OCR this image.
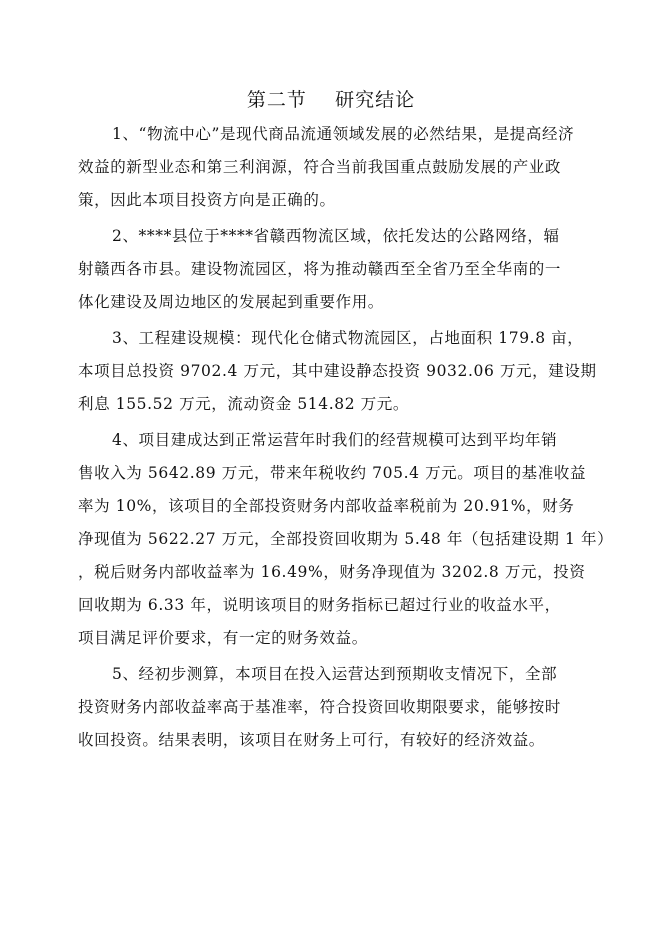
第二节    研究结论
1、“物流中心”是现代商品流通领域发展的必然结果，是提高经济
效益的新型业态和第三利润源，符合当前我国重点鼓励发展的产业政
策，因此本项目投资方向是正确的。
2、****县位于****省赣西物流区域，依托发达的公路网络，辐
射赣西各市县。建设物流园区，将为推动赣西至全省乃至全华南的一
体化建设及周边地区的发展起到重要作用。
3、工程建设规模：现代化仓储式物流园区，占地面积 179.8 亩，
本项目总投资 9702.4 万元，其中建设静态投资 9032.06 万元，建设期
利息 155.52 万元，流动资金 514.82 万元。
4、项目建成达到正常运营年时我们的经营规模可达到平均年销
售收入为 5642.89 万元，带来年税收约 705.4 万元。项目的基准收益
率为 10%，该项目的全部投资财务内部收益率税前为 20.91%，财务
净现值为 5622.27 万元，全部投资回收期为 5.48 年（包括建设期 1 年）
，税后财务内部收益率为 16.49%，财务净现值为 3202.8 万元，投资
回收期为 6.33 年，说明该项目的财务指标已超过行业的收益水平，
项目满足评价要求，有一定的财务效益。
5、经初步测算，本项目在投入运营达到预期收支情况下，全部
投资财务内部收益率高于基准率，符合投资回收期限要求，能够按时
收回投资。结果表明，该项目在财务上可行，有较好的经济效益。
